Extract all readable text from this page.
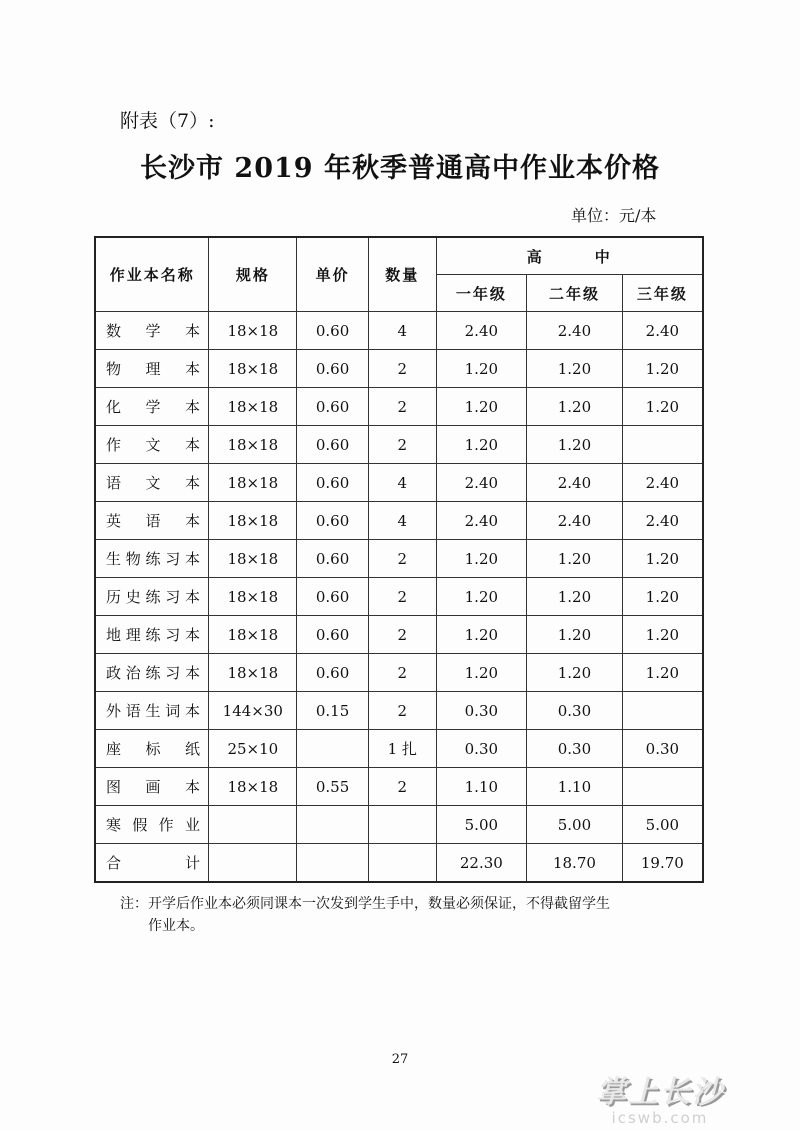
附表（7）:
长沙市 2019 年秋季普通高中作业本价格
单位：元/本
作业本名称	规格	单价	数量	高　　　中		
				一年级	二年级	三年级

数 学 本	18×18	0.60	4	2.40	2.40	2.40

物 理 本	18×18	0.60	2	1.20	1.20	1.20

化 学 本	18×18	0.60	2	1.20	1.20	1.20

作 文 本	18×18	0.60	2	1.20	1.20	

语 文 本	18×18	0.60	4	2.40	2.40	2.40

英 语 本	18×18	0.60	4	2.40	2.40	2.40

生 物 练 习 本	18×18	0.60	2	1.20	1.20	1.20

历 史 练 习 本	18×18	0.60	2	1.20	1.20	1.20

地 理 练 习 本	18×18	0.60	2	1.20	1.20	1.20

政 治 练 习 本	18×18	0.60	2	1.20	1.20	1.20

外 语 生 词 本	144×30	0.15	2	0.30	0.30	

座 标 纸	25×10		1 扎	0.30	0.30	0.30

图 画 本	18×18	0.55	2	1.10	1.10	

寒 假 作 业				5.00	5.00	5.00

合 计				22.30	18.70	19.70
注：开学后作业本必须同课本一次发到学生手中，数量必须保证，不得截留学生
作业本。
27
掌上长沙
icswb.com
